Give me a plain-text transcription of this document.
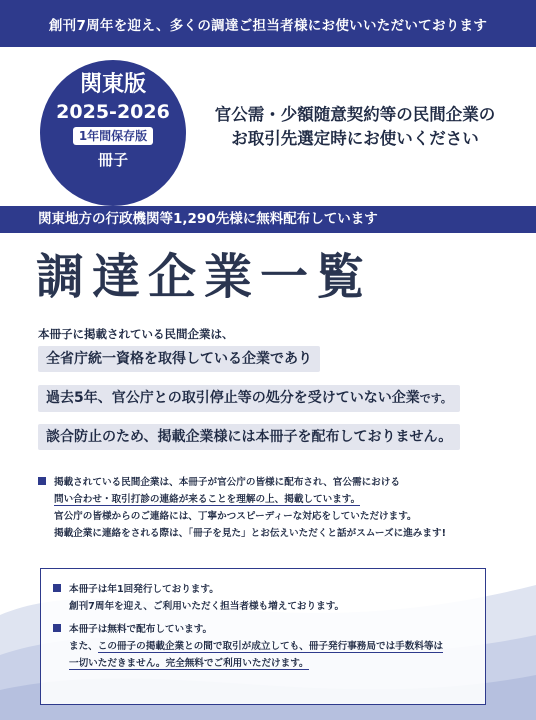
創刊7周年を迎え、多くの調達ご担当者様にお使いいただいております
関東版
2025-2026
1年間保存版
冊子
官公需・少額随意契約等の民間企業の
お取引先選定時にお使いください
関東地方の行政機関等1,290先様に無料配布しています
調達企業一覧
本冊子に掲載されている民間企業は、
全省庁統一資格を取得している企業であり
過去5年、官公庁との取引停止等の処分を受けていない企業です。
談合防止のため、掲載企業様には本冊子を配布しておりません。
掲載されている民間企業は、本冊子が官公庁の皆様に配布され、官公需における
問い合わせ・取引打診の連絡が来ることを理解の上、掲載しています。
官公庁の皆様からのご連絡には、丁寧かつスピーディーな対応をしていただけます。
掲載企業に連絡をされる際は、「冊子を見た」とお伝えいただくと話がスムーズに進みます!
本冊子は年1回発行しております。
創刊7周年を迎え、ご利用いただく担当者様も増えております。
本冊子は無料で配布しています。
また、この冊子の掲載企業との間で取引が成立しても、冊子発行事務局では手数料等は
一切いただきません。完全無料でご利用いただけます。
